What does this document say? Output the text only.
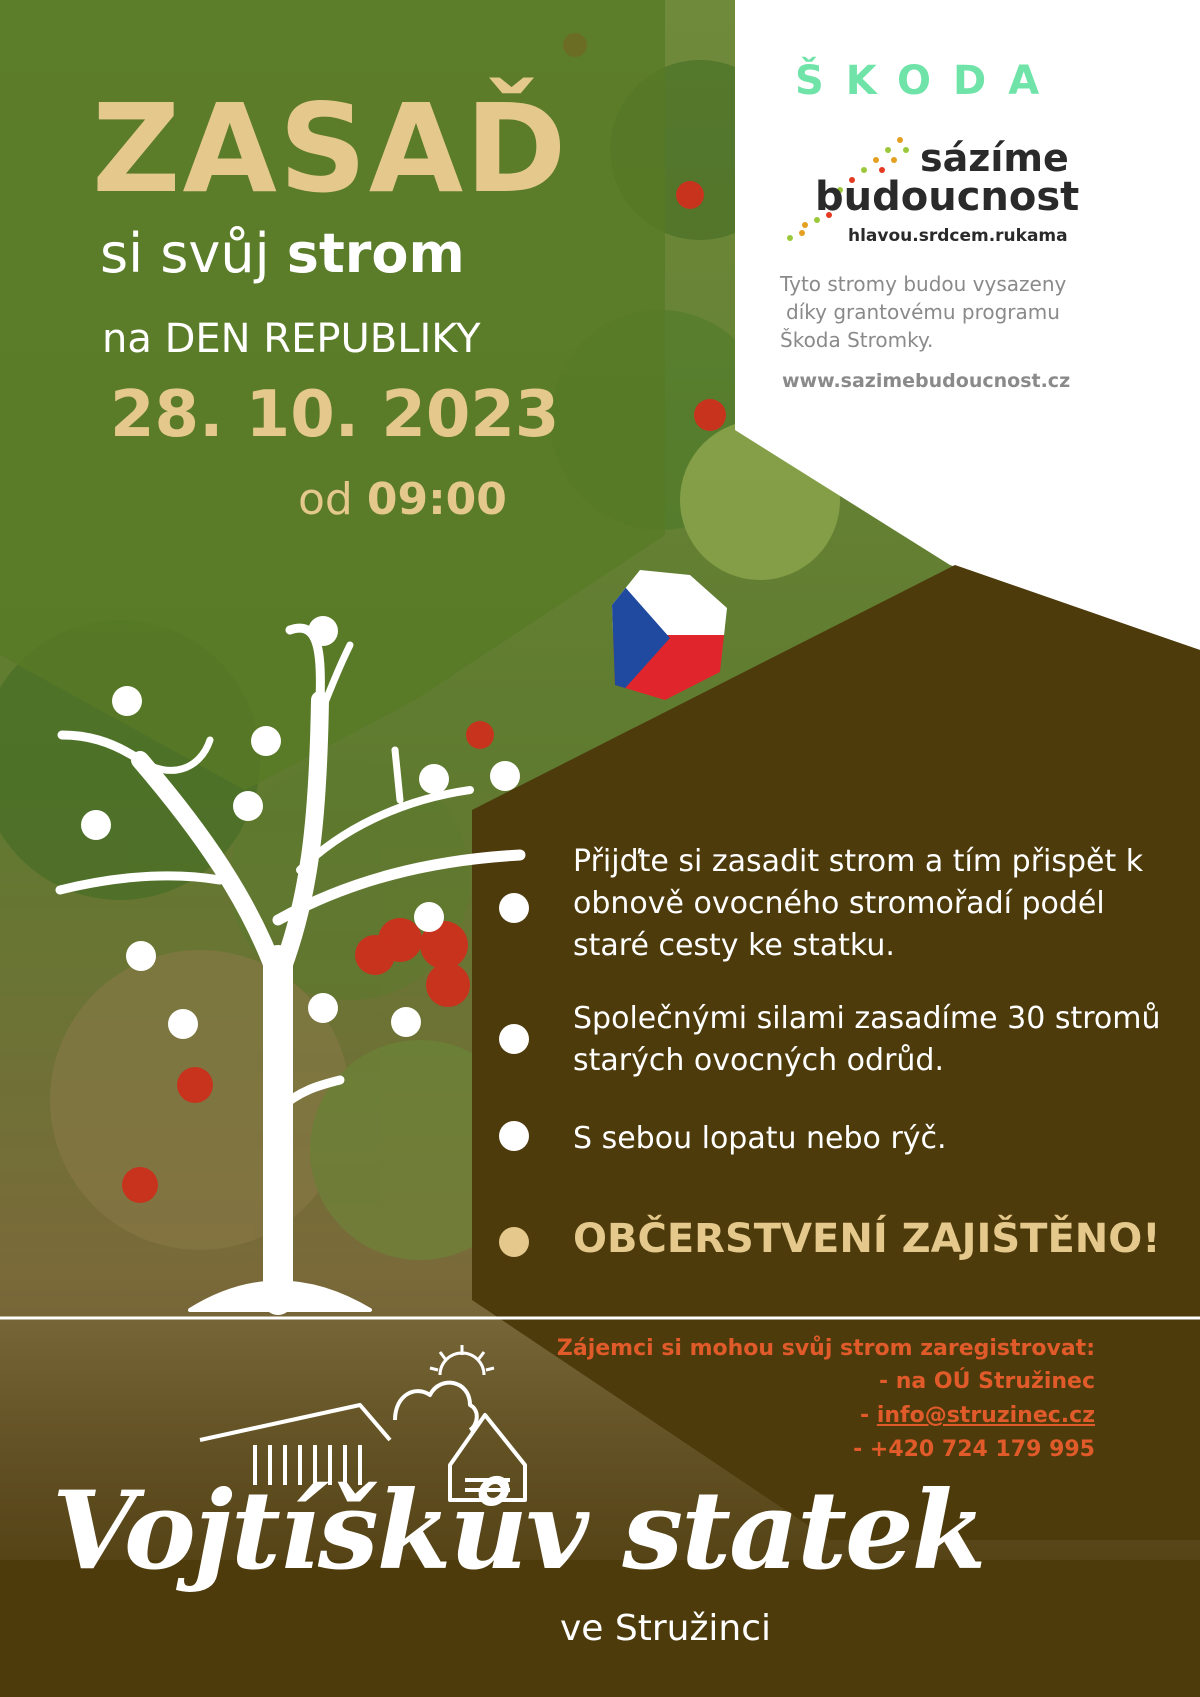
ZASAĎ

si svůj strom

na DEN REPUBLIKY

28. 10. 2023

od 09:00

ŠKODA

sázíme

budoucnost

hlavou.srdcem.rukama

Tyto stromy budou vysazeny

díky grantovému programu

Škoda Stromky.

www.sazimebudoucnost.cz

Přijďte si zasadit strom a tím přispět k obnově ovocného stromořadí podél staré cesty ke statku.

Společnými silami zasadíme 30 stromů starých ovocných odrůd.

S sebou lopatu nebo rýč.

OBČERSTVENÍ ZAJIŠTĚNO!

Zájemci si mohou svůj strom zaregistrovat:

- na OÚ Stružinec

- info@struzinec.cz

- +420 724 179 995

Vojtíškův statek

ve Stružinci
